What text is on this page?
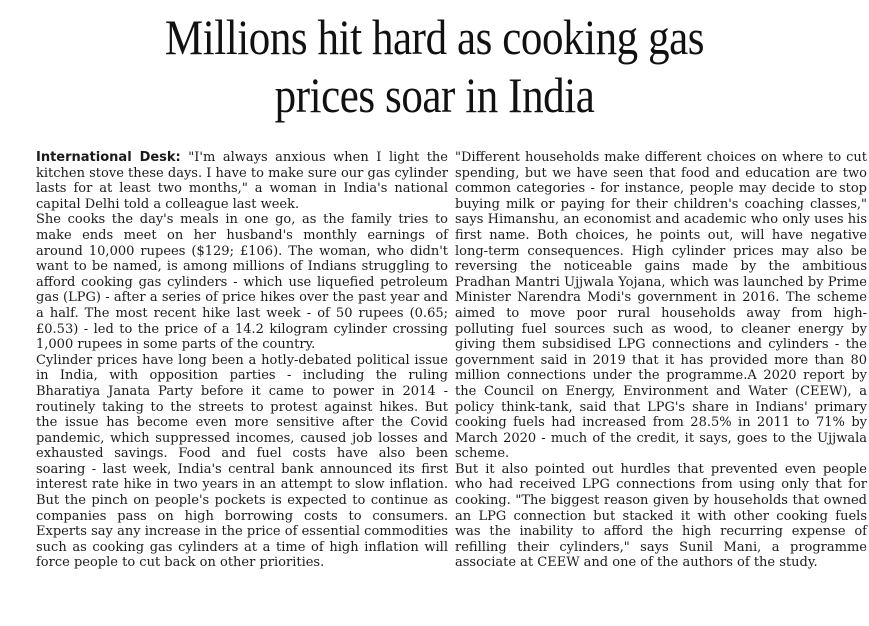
Millions hit hard as cooking gas
prices soar in India

International Desk: "I'm always anxious when I light the kitchen stove these days. I have to make sure our gas cylinder lasts for at least two months," a woman in India's national capital Delhi told a colleague last week.

She cooks the day's meals in one go, as the family tries to make ends meet on her husband's monthly earnings of around 10,000 rupees ($129; £106). The woman, who didn't want to be named, is among millions of Indians struggling to afford cooking gas cylinders - which use liquefied petroleum gas (LPG) - after a series of price hikes over the past year and a half. The most recent hike last week - of 50 rupees (0.65; £0.53) - led to the price of a 14.2 kilogram cylinder crossing 1,000 rupees in some parts of the country.

Cylinder prices have long been a hotly-debated political issue in India, with opposition parties - including the ruling Bharatiya Janata Party before it came to power in 2014 - routinely taking to the streets to protest against hikes. But the issue has become even more sensitive after the Covid pandemic, which suppressed incomes, caused job losses and exhausted savings. Food and fuel costs have also been soaring - last week, India's central bank announced its first interest rate hike in two years in an attempt to slow inflation. But the pinch on people's pockets is expected to continue as companies pass on high borrowing costs to consumers. Experts say any increase in the price of essential commodities such as cooking gas cylinders at a time of high inflation will force people to cut back on other priorities.

"Different households make different choices on where to cut spending, but we have seen that food and education are two common categories - for instance, people may decide to stop buying milk or paying for their children's coaching classes," says Himanshu, an economist and academic who only uses his first name. Both choices, he points out, will have negative long-term consequences. High cylinder prices may also be reversing the noticeable gains made by the ambitious Pradhan Mantri Ujjwala Yojana, which was launched by Prime Minister Narendra Modi's government in 2016. The scheme aimed to move poor rural households away from high-polluting fuel sources such as wood, to cleaner energy by giving them subsidised LPG connections and cylinders - the government said in 2019 that it has provided more than 80 million connections under the programme.A 2020 report by the Council on Energy, Environment and Water (CEEW), a policy think-tank, said that LPG's share in Indians' primary cooking fuels had increased from 28.5% in 2011 to 71% by March 2020 - much of the credit, it says, goes to the Ujjwala scheme.

But it also pointed out hurdles that prevented even people who had received LPG connections from using only that for cooking. "The biggest reason given by households that owned an LPG connection but stacked it with other cooking fuels was the inability to afford the high recurring expense of refilling their cylinders," says Sunil Mani, a programme associate at CEEW and one of the authors of the study.
